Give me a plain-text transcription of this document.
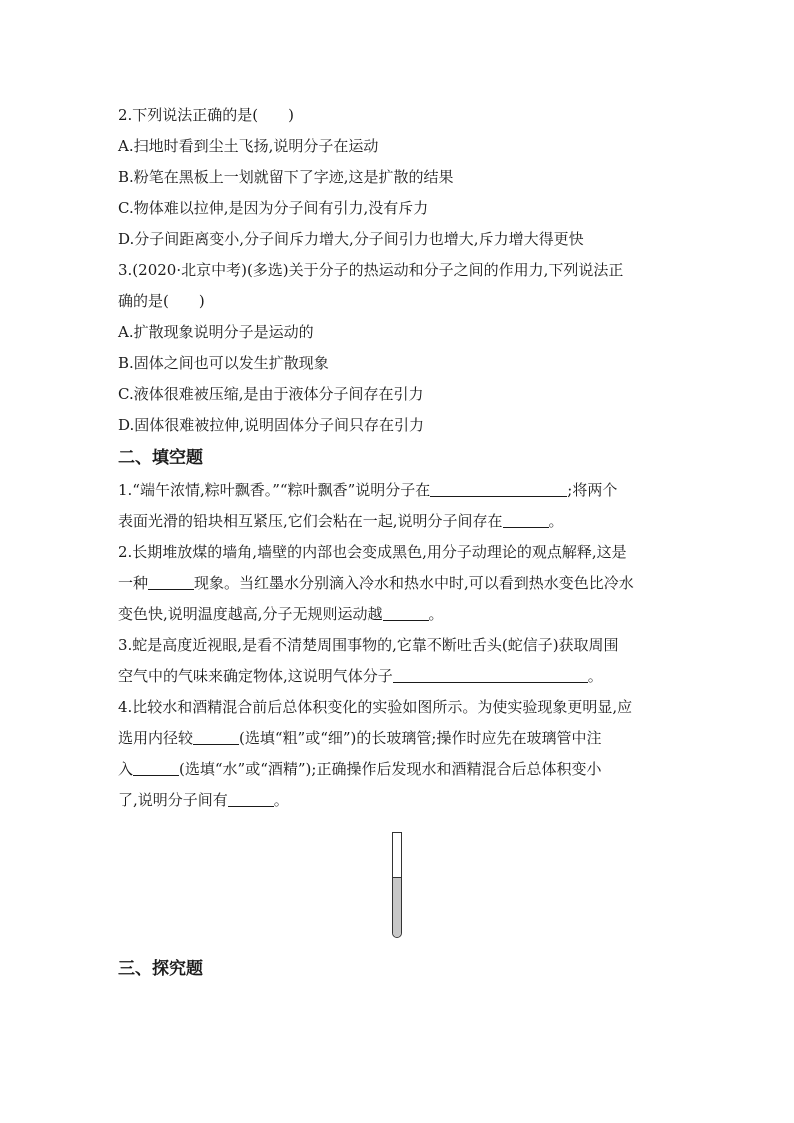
2.下列说法正确的是(　　)
A.扫地时看到尘土飞扬,说明分子在运动
B.粉笔在黑板上一划就留下了字迹,这是扩散的结果
C.物体难以拉伸,是因为分子间有引力,没有斥力
D.分子间距离变小,分子间斥力增大,分子间引力也增大,斥力增大得更快
3.(2020·北京中考)(多选)关于分子的热运动和分子之间的作用力,下列说法正
确的是(　　)
A.扩散现象说明分子是运动的
B.固体之间也可以发生扩散现象
C.液体很难被压缩,是由于液体分子间存在引力
D.固体很难被拉伸,说明固体分子间只存在引力
二、填空题
1.“端午浓情,粽叶飘香。”“粽叶飘香”说明分子在	;将两个
表面光滑的铅块相互紧压,它们会粘在一起,说明分子间存在	。
2.长期堆放煤的墙角,墙壁的内部也会变成黑色,用分子动理论的观点解释,这是
一种	现象。当红墨水分别滴入冷水和热水中时,可以看到热水变色比冷水
变色快,说明温度越高,分子无规则运动越	。
3.蛇是高度近视眼,是看不清楚周围事物的,它靠不断吐舌头(蛇信子)获取周围
空气中的气味来确定物体,这说明气体分子	。
4.比较水和酒精混合前后总体积变化的实验如图所示。为使实验现象更明显,应
选用内径较	(选填“粗”或“细”)的长玻璃管;操作时应先在玻璃管中注
入	(选填“水”或“酒精”);正确操作后发现水和酒精混合后总体积变小
了,说明分子间有	。
三、探究题
